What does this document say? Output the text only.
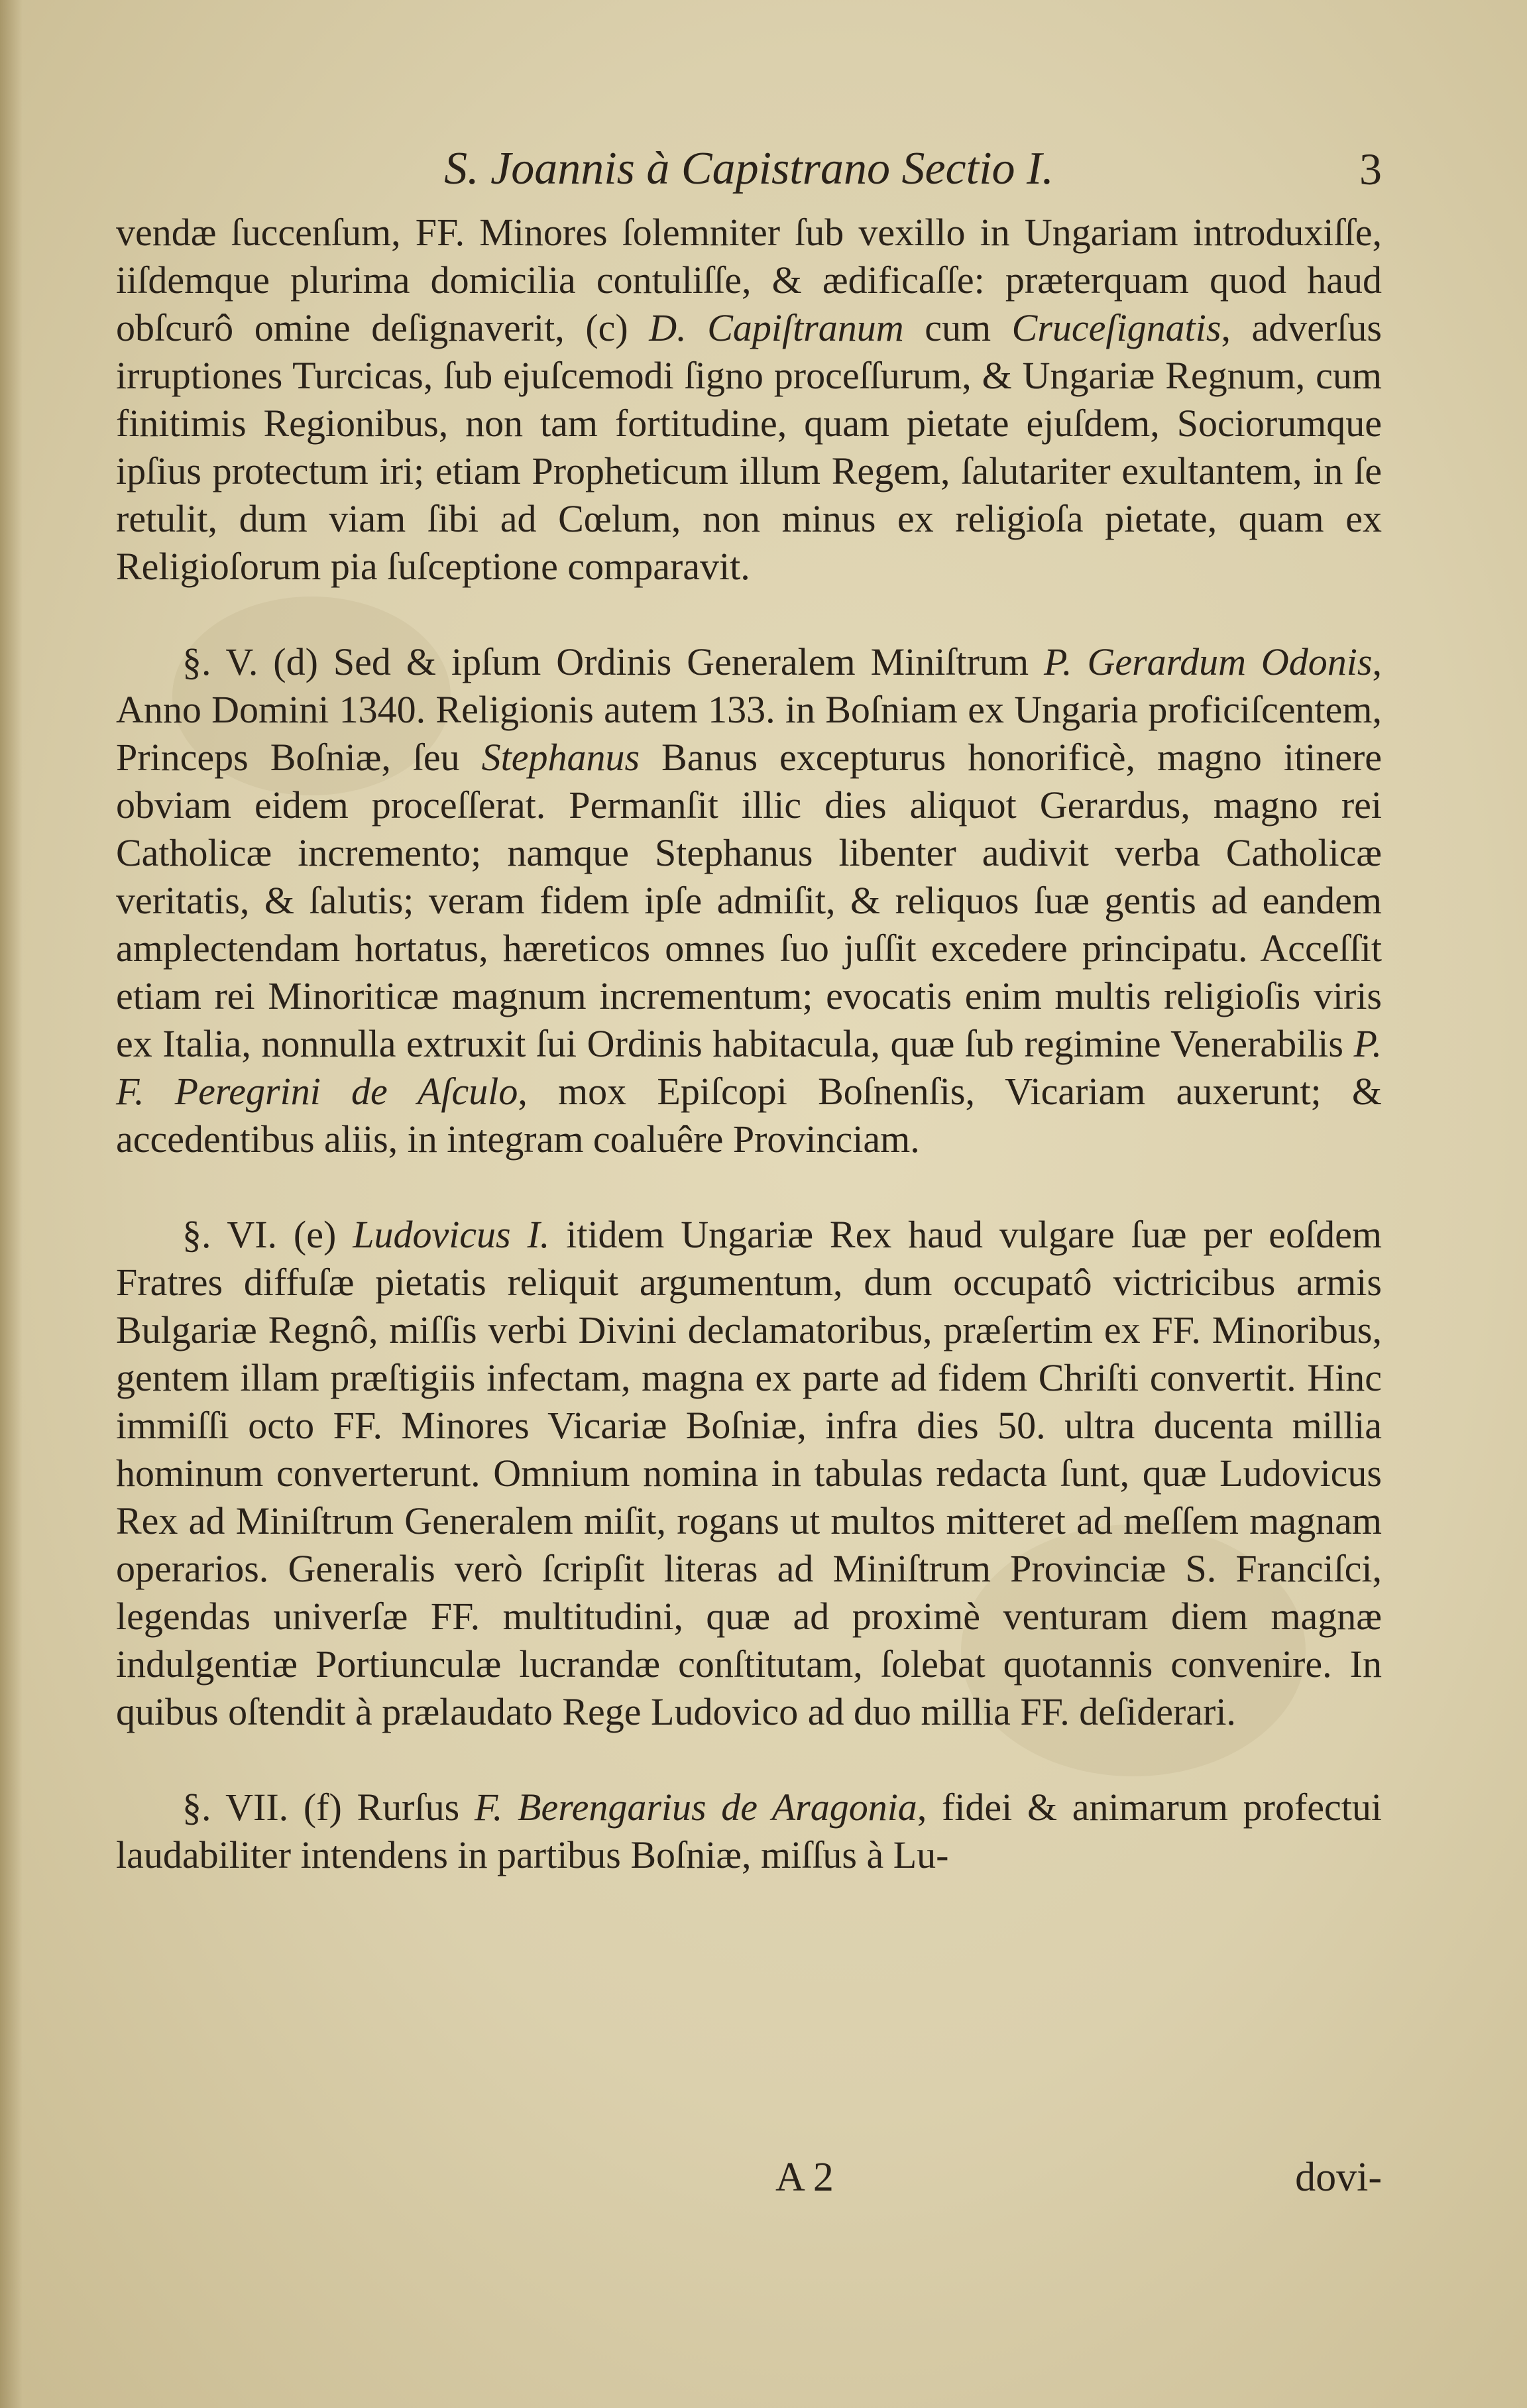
S. Joannis à Capistrano Sectio I.	3

vendæ ſuccenſum, FF. Minores ſolemniter ſub vexillo in Ungariam introduxiſſe, iiſdemque plurima domicilia contuliſſe, & ædificaſſe: præterquam quod haud obſcurô omine deſignaverit, (c) D. Capiſtranum cum Cruceſignatis, adverſus irruptiones Turcicas, ſub ejuſcemodi ſigno proceſſurum, & Ungariæ Regnum, cum finitimis Regionibus, non tam fortitudine, quam pietate ejuſdem, Sociorumque ipſius protectum iri; etiam Propheticum illum Regem, ſalutariter exultantem, in ſe retulit, dum viam ſibi ad Cœlum, non minus ex religioſa pietate, quam ex Religioſorum pia ſuſceptione comparavit.

§. V. (d) Sed & ipſum Ordinis Generalem Miniſtrum P. Gerardum Odonis, Anno Domini 1340. Religionis autem 133. in Boſniam ex Ungaria proficiſcentem, Princeps Boſniæ, ſeu Stephanus Banus excepturus honorificè, magno itinere obviam eidem proceſſerat. Permanſit illic dies aliquot Gerardus, magno rei Catholicæ incremento; namque Stephanus libenter audivit verba Catholicæ veritatis, & ſalutis; veram fidem ipſe admiſit, & reliquos ſuæ gentis ad eandem amplectendam hortatus, hæreticos omnes ſuo juſſit excedere principatu. Acceſſit etiam rei Minoriticæ magnum incrementum; evocatis enim multis religioſis viris ex Italia, nonnulla extruxit ſui Ordinis habitacula, quæ ſub regimine Venerabilis P. F. Peregrini de Aſculo, mox Epiſcopi Boſnenſis, Vicariam auxerunt; & accedentibus aliis, in integram coaluêre Provinciam.

§. VI. (e) Ludovicus I. itidem Ungariæ Rex haud vulgare ſuæ per eoſdem Fratres diffuſæ pietatis reliquit argumentum, dum occupatô victricibus armis Bulgariæ Regnô, miſſis verbi Divini declamatoribus, præſertim ex FF. Minoribus, gentem illam præſtigiis infectam, magna ex parte ad fidem Chriſti convertit. Hinc immiſſi octo FF. Minores Vicariæ Boſniæ, infra dies 50. ultra ducenta millia hominum converterunt. Omnium nomina in tabulas redacta ſunt, quæ Ludovicus Rex ad Miniſtrum Generalem miſit, rogans ut multos mitteret ad meſſem magnam operarios. Generalis verò ſcripſit literas ad Miniſtrum Provinciæ S. Franciſci, legendas univerſæ FF. multitudini, quæ ad proximè venturam diem magnæ indulgentiæ Portiunculæ lucrandæ conſtitutam, ſolebat quotannis convenire. In quibus oſtendit à prælaudato Rege Ludovico ad duo millia FF. deſiderari.

§. VII. (f) Rurſus F. Berengarius de Aragonia, fidei & animarum profectui laudabiliter intendens in partibus Boſniæ, miſſus à Lu-

A 2	dovi-
